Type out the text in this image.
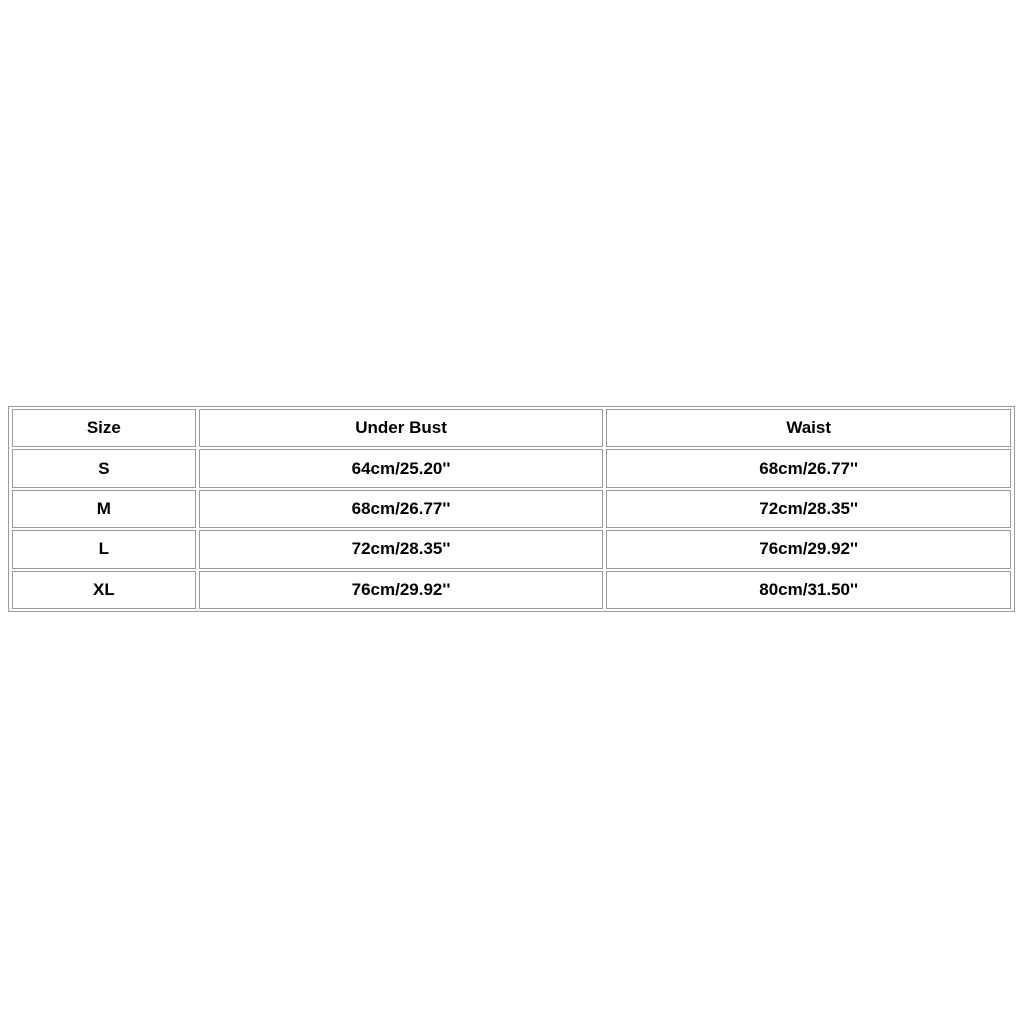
Size	Under Bust	Waist
S	64cm/25.20''	68cm/26.77''
M	68cm/26.77''	72cm/28.35''
L	72cm/28.35''	76cm/29.92''
XL	76cm/29.92''	80cm/31.50''
